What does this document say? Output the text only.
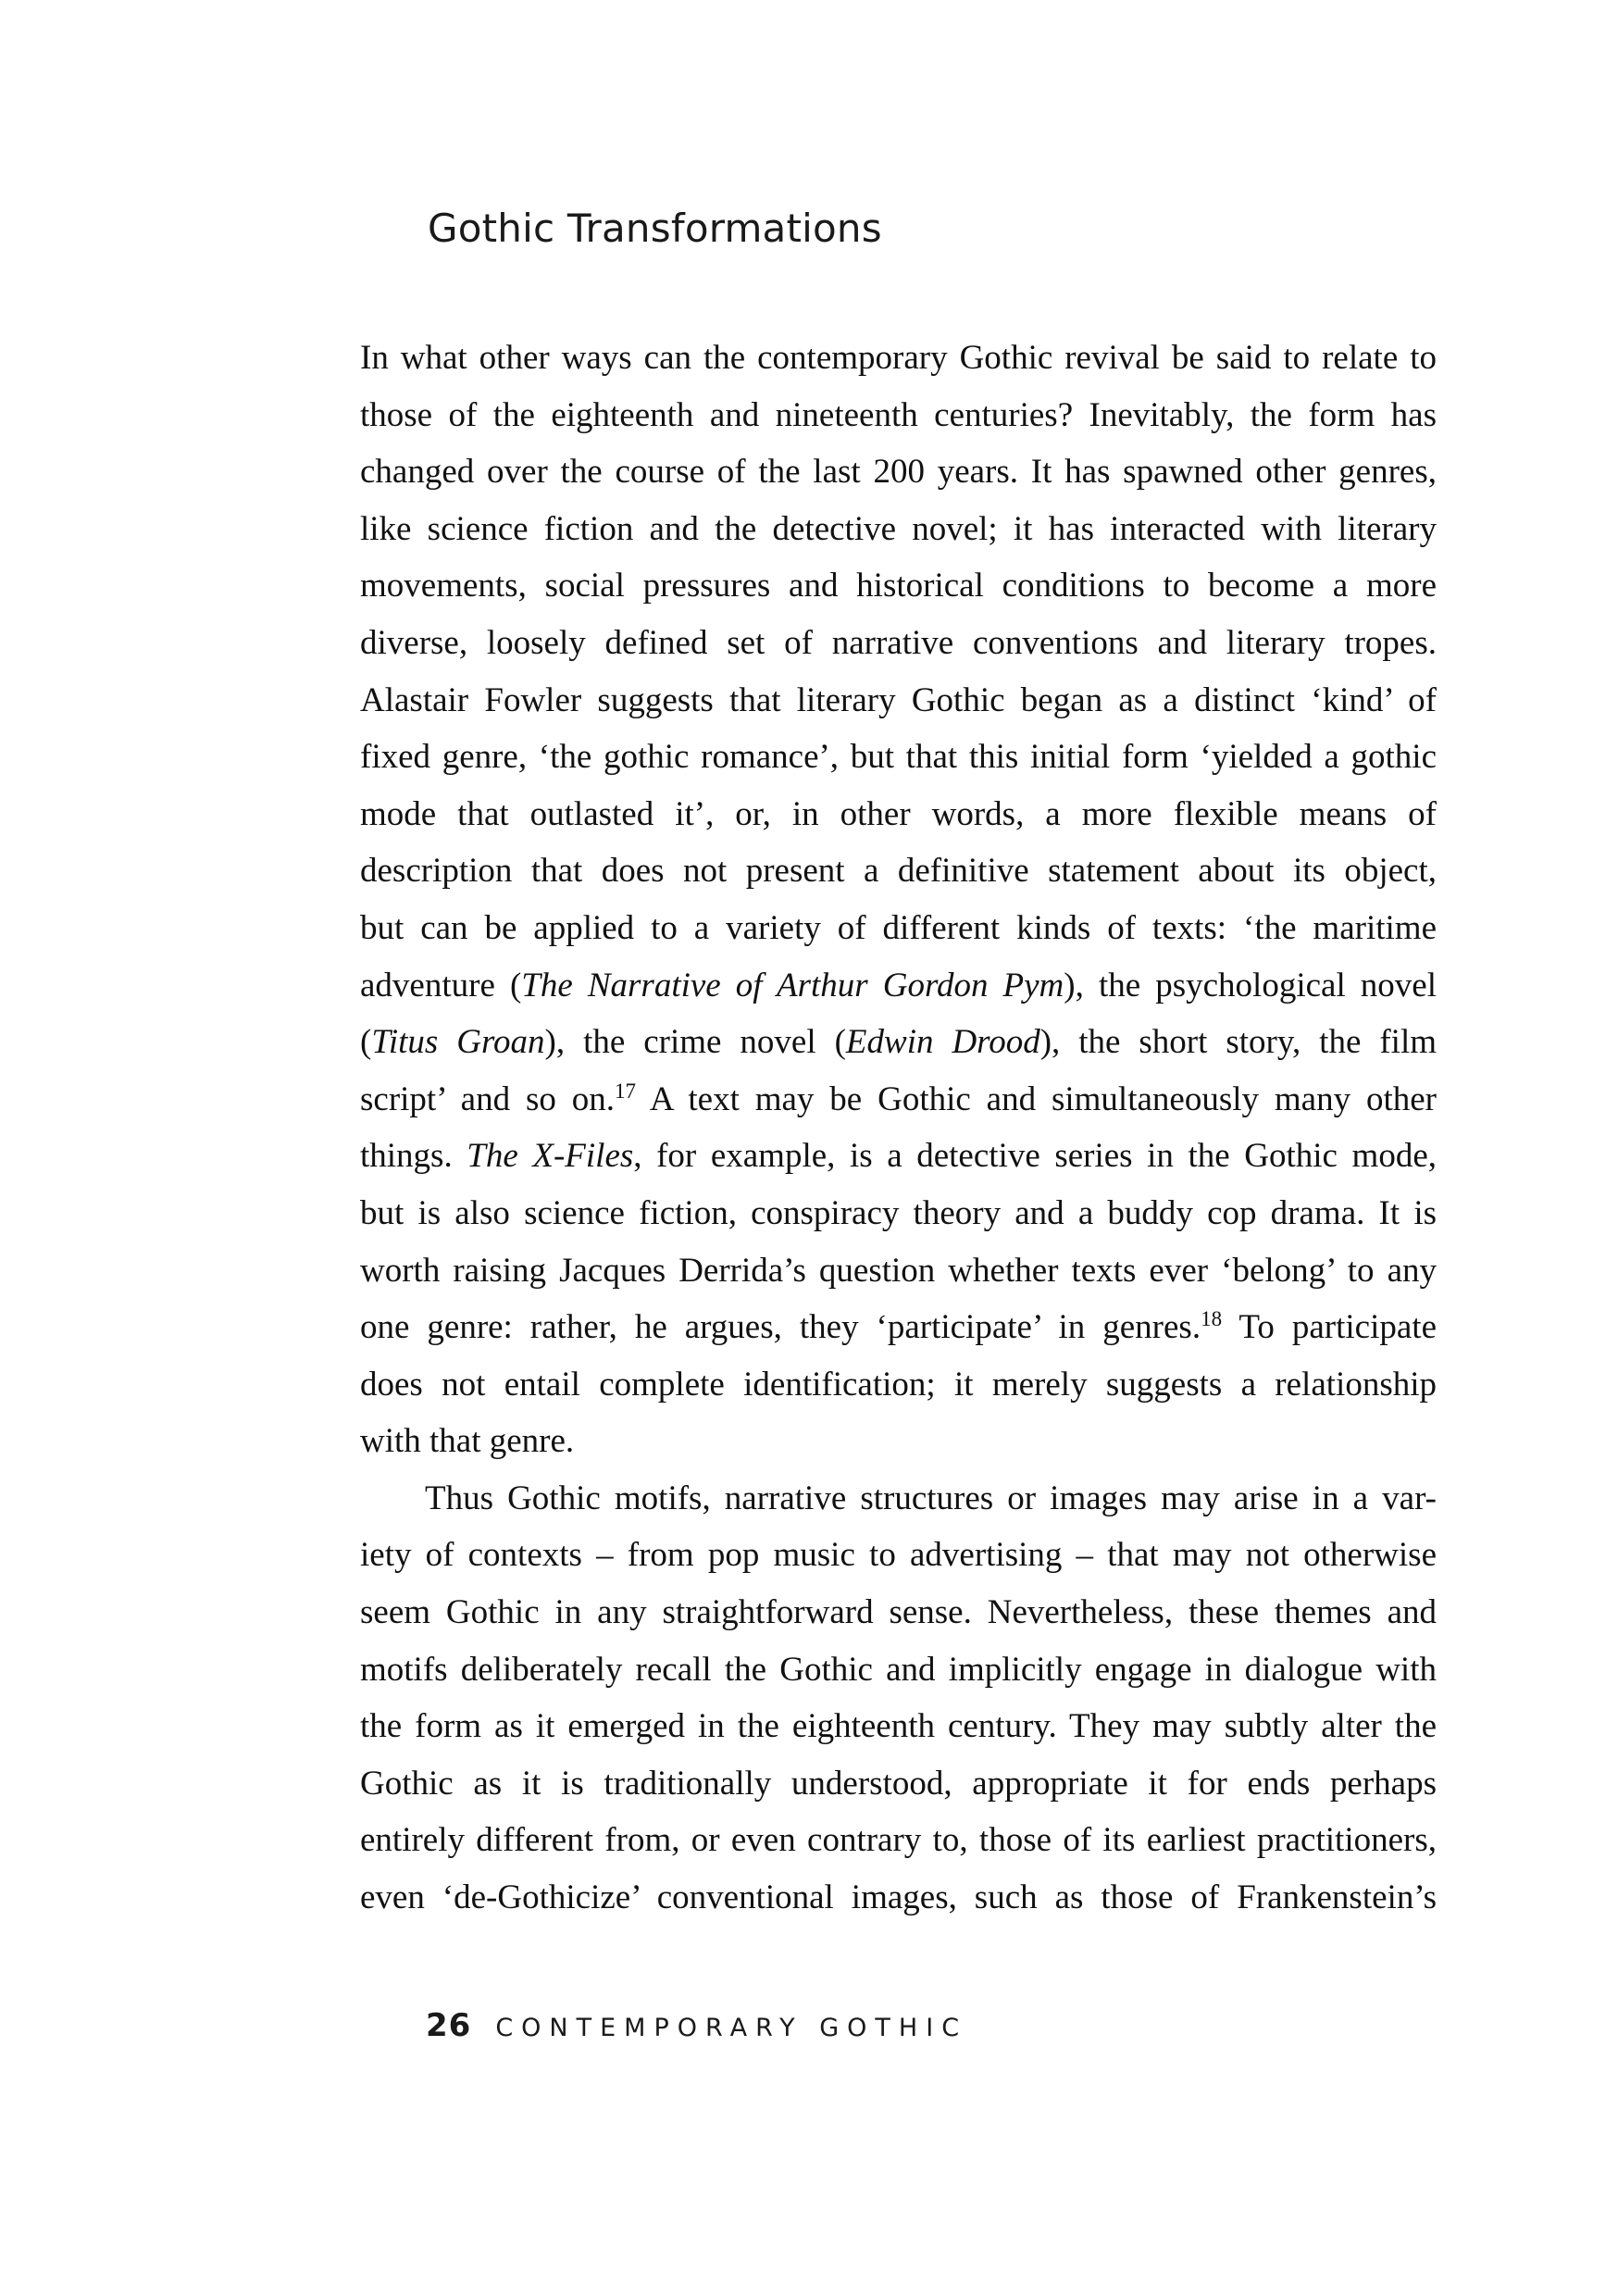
Gothic Transformations
In what other ways can the contemporary Gothic revival be said to relate to
those of the eighteenth and nineteenth centuries? Inevitably, the form has
changed over the course of the last 200 years. It has spawned other genres,
like science fiction and the detective novel; it has interacted with literary
movements, social pressures and historical conditions to become a more
diverse, loosely defined set of narrative conventions and literary tropes.
Alastair Fowler suggests that literary Gothic began as a distinct ‘kind’ of
fixed genre, ‘the gothic romance’, but that this initial form ‘yielded a gothic
mode that outlasted it’, or, in other words, a more flexible means of
description that does not present a definitive statement about its object,
but can be applied to a variety of different kinds of texts: ‘the maritime
adventure (The Narrative of Arthur Gordon Pym), the psychological novel
(Titus Groan), the crime novel (Edwin Drood), the short story, the film
script’ and so on.$^{17}$ A text may be Gothic and simultaneously many other
things. The X-Files, for example, is a detective series in the Gothic mode,
but is also science fiction, conspiracy theory and a buddy cop drama. It is
worth raising Jacques Derrida’s question whether texts ever ‘belong’ to any
one genre: rather, he argues, they ‘participate’ in genres.$^{18}$ To participate
does not entail complete identification; it merely suggests a relationship
with that genre.
Thus Gothic motifs, narrative structures or images may arise in a var-
iety of contexts – from pop music to advertising – that may not otherwise
seem Gothic in any straightforward sense. Nevertheless, these themes and
motifs deliberately recall the Gothic and implicitly engage in dialogue with
the form as it emerged in the eighteenth century. They may subtly alter the
Gothic as it is traditionally understood, appropriate it for ends perhaps
entirely different from, or even contrary to, those of its earliest practitioners,
even ‘de-Gothicize’ conventional images, such as those of Frankenstein’s
26 CONTEMPORARY GOTHIC
